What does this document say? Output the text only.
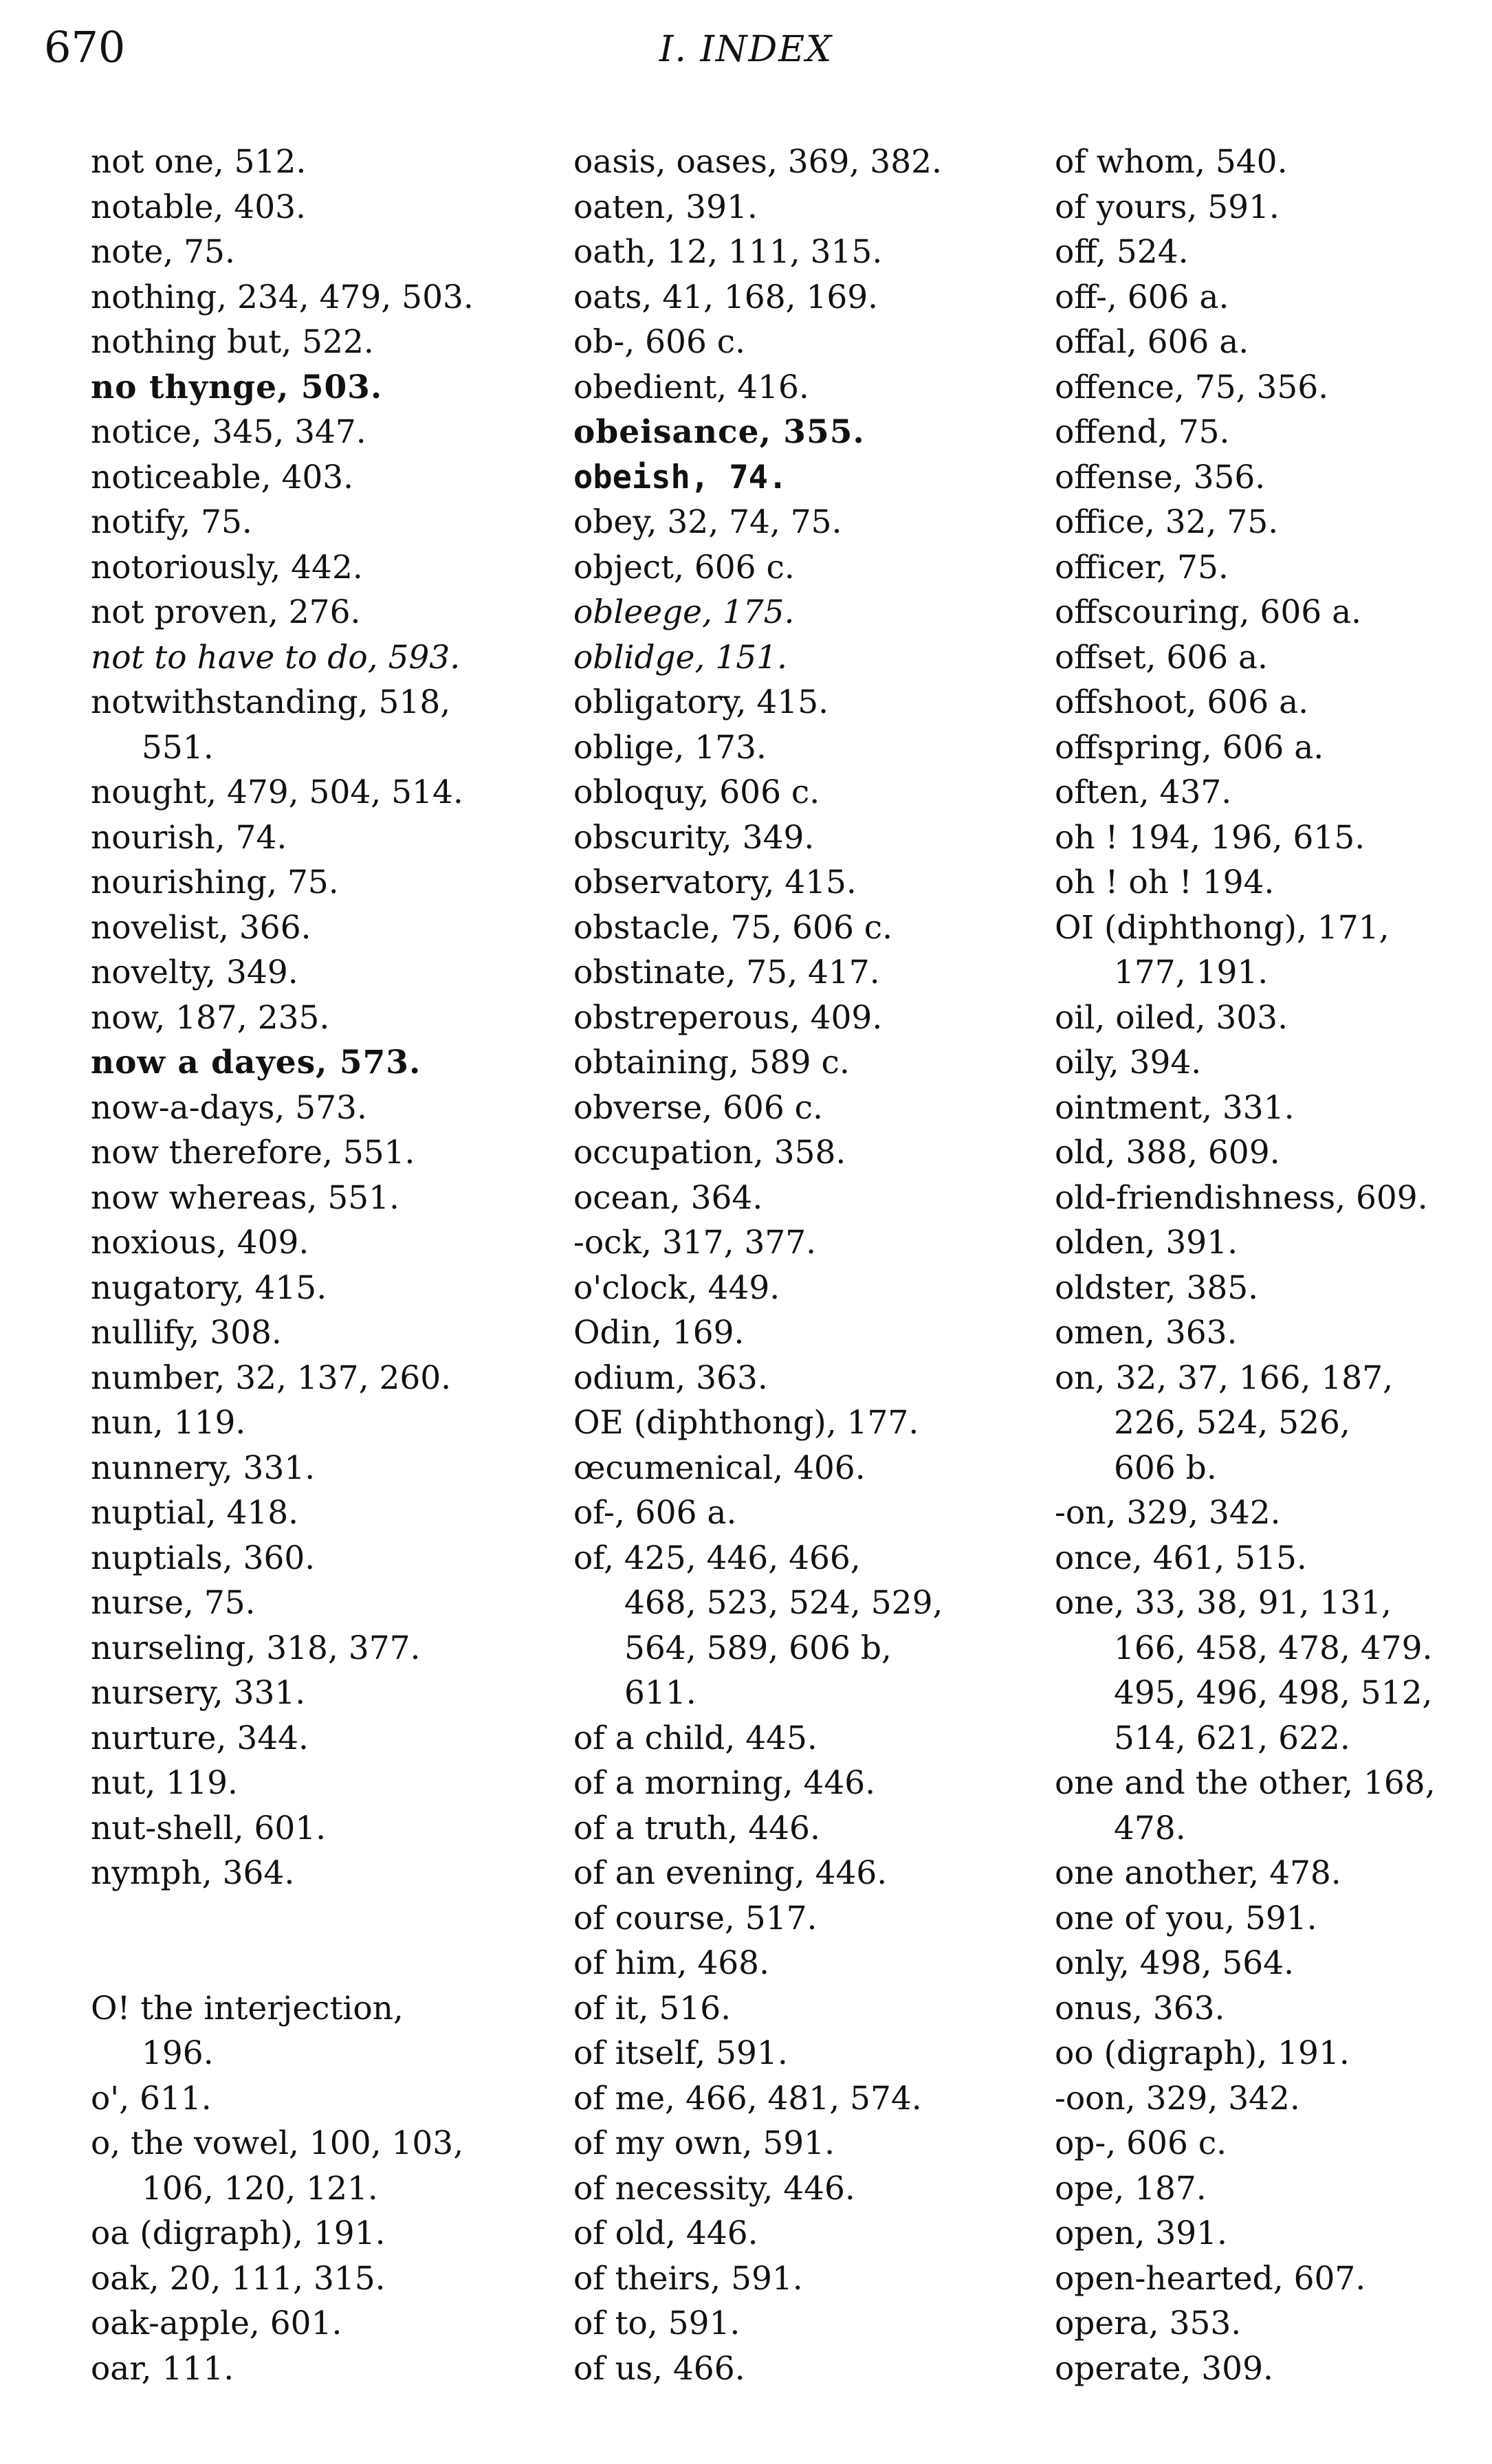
670	I. INDEX
not one, 512.
notable, 403.
note, 75.
nothing, 234, 479, 503.
nothing but, 522.
no thynge, 503.
notice, 345, 347.
noticeable, 403.
notify, 75.
notoriously, 442.
not proven, 276.
not to have to do, 593.
notwithstanding, 518,
551.
nought, 479, 504, 514.
nourish, 74.
nourishing, 75.
novelist, 366.
novelty, 349.
now, 187, 235.
now a dayes, 573.
now-a-days, 573.
now therefore, 551.
now whereas, 551.
noxious, 409.
nugatory, 415.
nullify, 308.
number, 32, 137, 260.
nun, 119.
nunnery, 331.
nuptial, 418.
nuptials, 360.
nurse, 75.
nurseling, 318, 377.
nursery, 331.
nurture, 344.
nut, 119.
nut-shell, 601.
nymph, 364.
O! the interjection,
196.
o', 611.
o, the vowel, 100, 103,
106, 120, 121.
oa (digraph), 191.
oak, 20, 111, 315.
oak-apple, 601.
oar, 111.
oasis, oases, 369, 382.
oaten, 391.
oath, 12, 111, 315.
oats, 41, 168, 169.
ob-, 606 c.
obedient, 416.
obeisance, 355.
obeish, 74.
obey, 32, 74, 75.
object, 606 c.
obleege, 175.
oblidge, 151.
obligatory, 415.
oblige, 173.
obloquy, 606 c.
obscurity, 349.
observatory, 415.
obstacle, 75, 606 c.
obstinate, 75, 417.
obstreperous, 409.
obtaining, 589 c.
obverse, 606 c.
occupation, 358.
ocean, 364.
-ock, 317, 377.
o'clock, 449.
Odin, 169.
odium, 363.
OE (diphthong), 177.
œcumenical, 406.
of-, 606 a.
of, 425, 446, 466,
468, 523, 524, 529,
564, 589, 606 b,
611.
of a child, 445.
of a morning, 446.
of a truth, 446.
of an evening, 446.
of course, 517.
of him, 468.
of it, 516.
of itself, 591.
of me, 466, 481, 574.
of my own, 591.
of necessity, 446.
of old, 446.
of theirs, 591.
of to, 591.
of us, 466.
of whom, 540.
of yours, 591.
off, 524.
off-, 606 a.
offal, 606 a.
offence, 75, 356.
offend, 75.
offense, 356.
office, 32, 75.
officer, 75.
offscouring, 606 a.
offset, 606 a.
offshoot, 606 a.
offspring, 606 a.
often, 437.
oh ! 194, 196, 615.
oh ! oh ! 194.
OI (diphthong), 171,
177, 191.
oil, oiled, 303.
oily, 394.
ointment, 331.
old, 388, 609.
old-friendishness, 609.
olden, 391.
oldster, 385.
omen, 363.
on, 32, 37, 166, 187,
226, 524, 526,
606 b.
-on, 329, 342.
once, 461, 515.
one, 33, 38, 91, 131,
166, 458, 478, 479.
495, 496, 498, 512,
514, 621, 622.
one and the other, 168,
478.
one another, 478.
one of you, 591.
only, 498, 564.
onus, 363.
oo (digraph), 191.
-oon, 329, 342.
op-, 606 c.
ope, 187.
open, 391.
open-hearted, 607.
opera, 353.
operate, 309.
